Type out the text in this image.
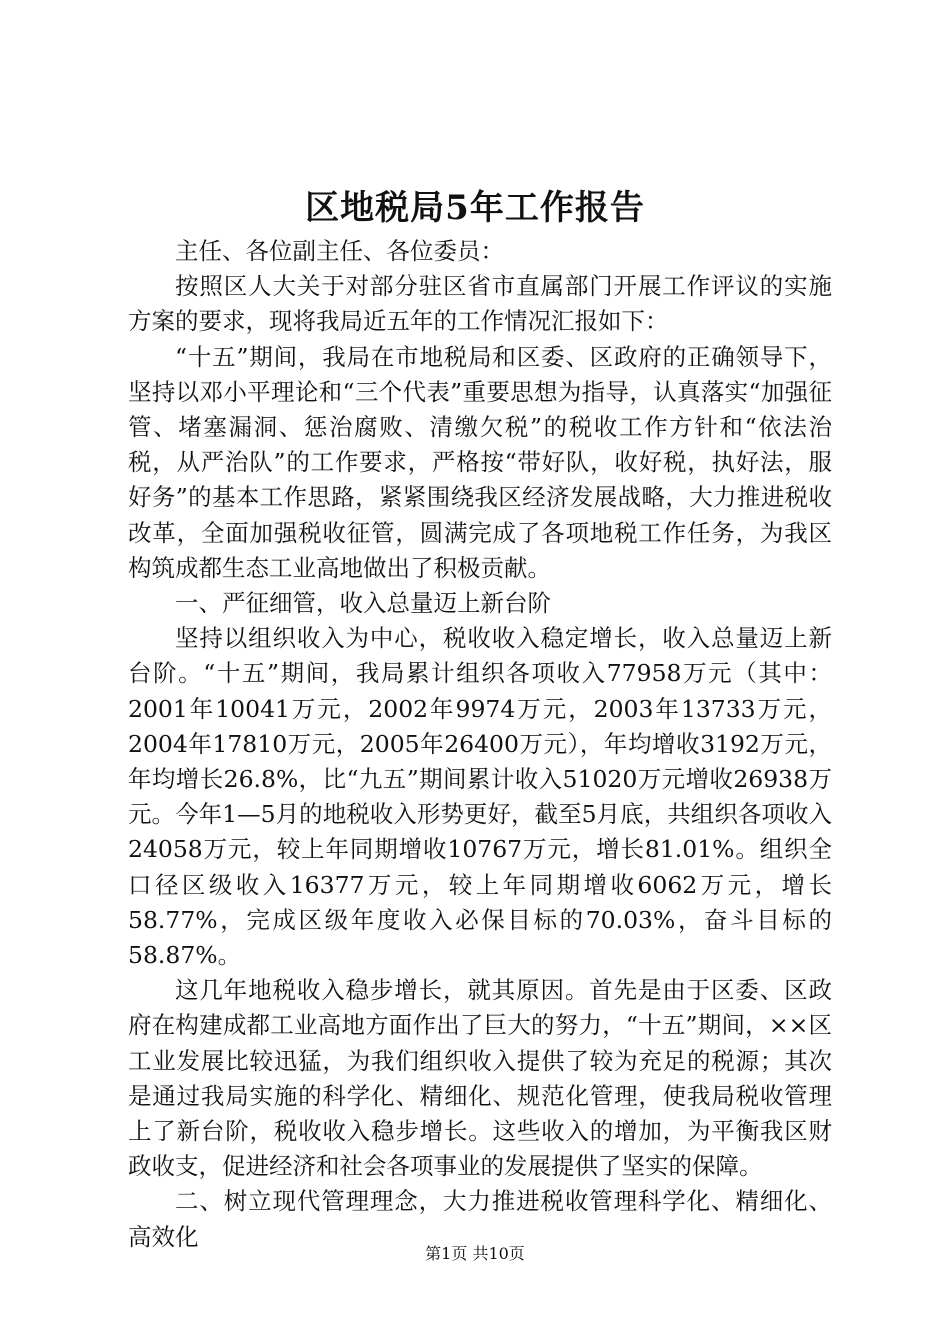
区地税局5年工作报告

主任、各位副主任、各位委员：

按照区人大关于对部分驻区省市直属部门开展工作评议的实施方案的要求，现将我局近五年的工作情况汇报如下：

“十五”期间，我局在市地税局和区委、区政府的正确领导下，坚持以邓小平理论和“三个代表”重要思想为指导，认真落实“加强征管、堵塞漏洞、惩治腐败、清缴欠税”的税收工作方针和“依法治税，从严治队”的工作要求，严格按“带好队，收好税，执好法，服好务”的基本工作思路，紧紧围绕我区经济发展战略，大力推进税收改革，全面加强税收征管，圆满完成了各项地税工作任务，为我区构筑成都生态工业高地做出了积极贡献。

一、严征细管，收入总量迈上新台阶

坚持以组织收入为中心，税收收入稳定增长，收入总量迈上新台阶。“十五”期间，我局累计组织各项收入77958万元（其中：2001年10041万元，2002年9974万元，2003年13733万元，2004年17810万元，2005年26400万元），年均增收3192万元，年均增长26.8%，比“九五”期间累计收入51020万元增收26938万元。今年1—5月的地税收入形势更好，截至5月底，共组织各项收入24058万元，较上年同期增收10767万元，增长81.01%。组织全口径区级收入16377万元，较上年同期增收6062万元，增长58.77%，完成区级年度收入必保目标的70.03%，奋斗目标的58.87%。

这几年地税收入稳步增长，就其原因。首先是由于区委、区政府在构建成都工业高地方面作出了巨大的努力，“十五”期间，××区工业发展比较迅猛，为我们组织收入提供了较为充足的税源；其次是通过我局实施的科学化、精细化、规范化管理，使我局税收管理上了新台阶，税收收入稳步增长。这些收入的增加，为平衡我区财政收支，促进经济和社会各项事业的发展提供了坚实的保障。

二、树立现代管理理念，大力推进税收管理科学化、精细化、高效化

第1页 共10页
